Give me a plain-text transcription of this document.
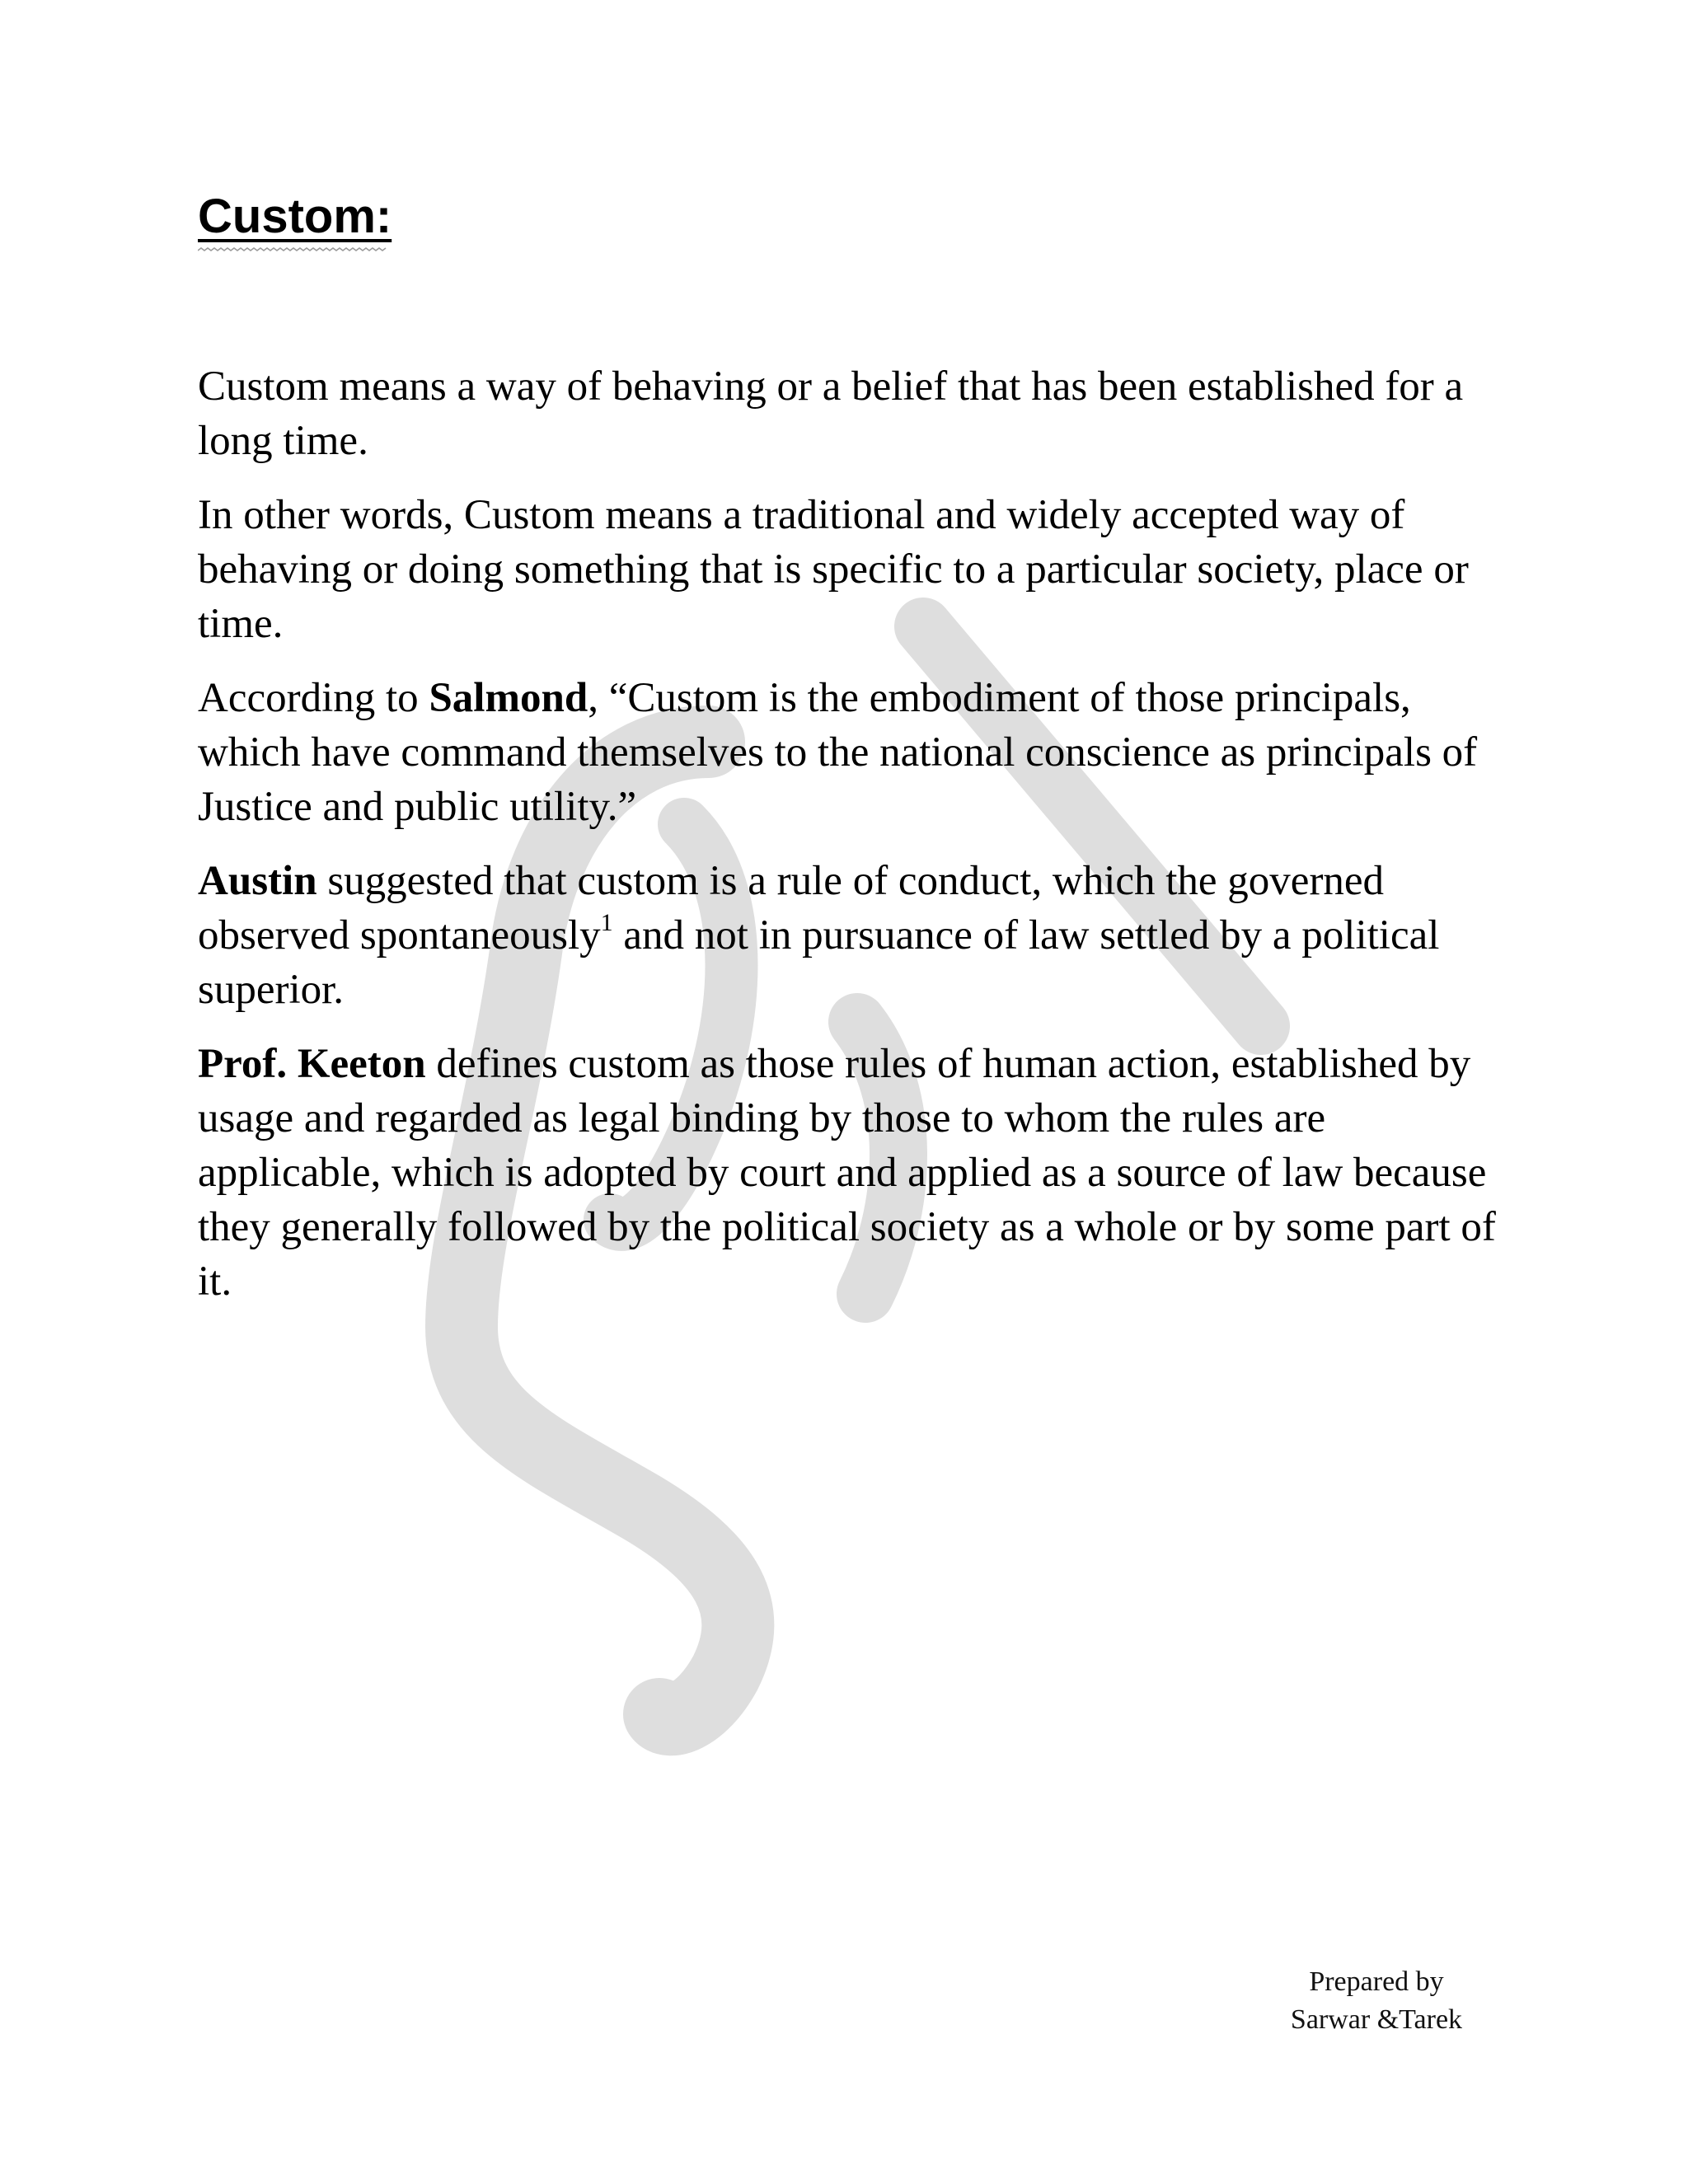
Custom:

Custom means a way of behaving or a belief that has been established for a long time.

In other words, Custom means a traditional and widely accepted way of behaving or doing something that is specific to a particular society, place or time.

According to Salmond, “Custom is the embodiment of those principals, which have command themselves to the national conscience as principals of Justice and public utility.”

Austin suggested that custom is a rule of conduct, which the governed observed spontaneously$^1$ and not in pursuance of law settled by a political superior.

Prof. Keeton defines custom as those rules of human action, established by usage and regarded as legal binding by those to whom the rules are applicable, which is adopted by court and applied as a source of law because they generally followed by the political society as a whole or by some part of it.

Prepared by
Sarwar &Tarek
